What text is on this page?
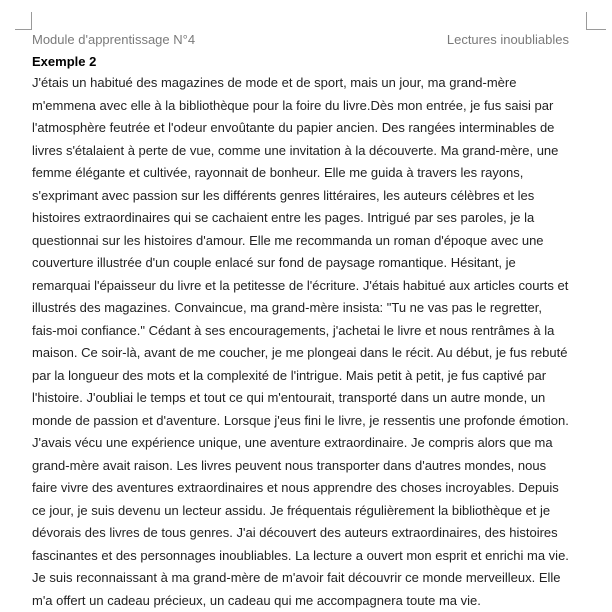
Module d'apprentissage N°4	Lectures inoubliables
Exemple 2

J'étais un habitué des magazines de mode et de sport, mais un jour, ma grand-mère m'emmena avec elle à la bibliothèque pour la foire du livre.Dès mon entrée, je fus saisi par l'atmosphère feutrée et l'odeur envoûtante du papier ancien. Des rangées interminables de livres s'étalaient à perte de vue, comme une invitation à la découverte. Ma grand-mère, une femme élégante et cultivée, rayonnait de bonheur. Elle me guida à travers les rayons, s'exprimant avec passion sur les différents genres littéraires, les auteurs célèbres et les histoires extraordinaires qui se cachaient entre les pages. Intrigué par ses paroles, je la questionnai sur les histoires d'amour. Elle me recommanda un roman d'époque avec une couverture illustrée d'un couple enlacé sur fond de paysage romantique. Hésitant, je remarquai l'épaisseur du livre et la petitesse de l'écriture. J'étais habitué aux articles courts et illustrés des magazines. Convaincue, ma grand-mère insista: "Tu ne vas pas le regretter, fais-moi confiance." Cédant à ses encouragements, j'achetai le livre et nous rentrâmes à la maison. Ce soir-là, avant de me coucher, je me plongeai dans le récit. Au début, je fus rebuté par la longueur des mots et la complexité de l'intrigue. Mais petit à petit, je fus captivé par l'histoire. J'oubliai le temps et tout ce qui m'entourait, transporté dans un autre monde, un monde de passion et d'aventure. Lorsque j'eus fini le livre, je ressentis une profonde émotion. J'avais vécu une expérience unique, une aventure extraordinaire. Je compris alors que ma grand-mère avait raison. Les livres peuvent nous transporter dans d'autres mondes, nous faire vivre des aventures extraordinaires et nous apprendre des choses incroyables. Depuis ce jour, je suis devenu un lecteur assidu. Je fréquentais régulièrement la bibliothèque et je dévorais des livres de tous genres. J'ai découvert des auteurs extraordinaires, des histoires fascinantes et des personnages inoubliables. La lecture a ouvert mon esprit et enrichi ma vie. Je suis reconnaissant à ma grand-mère de m'avoir fait découvrir ce monde merveilleux. Elle m'a offert un cadeau précieux, un cadeau qui me accompagnera toute ma vie.
